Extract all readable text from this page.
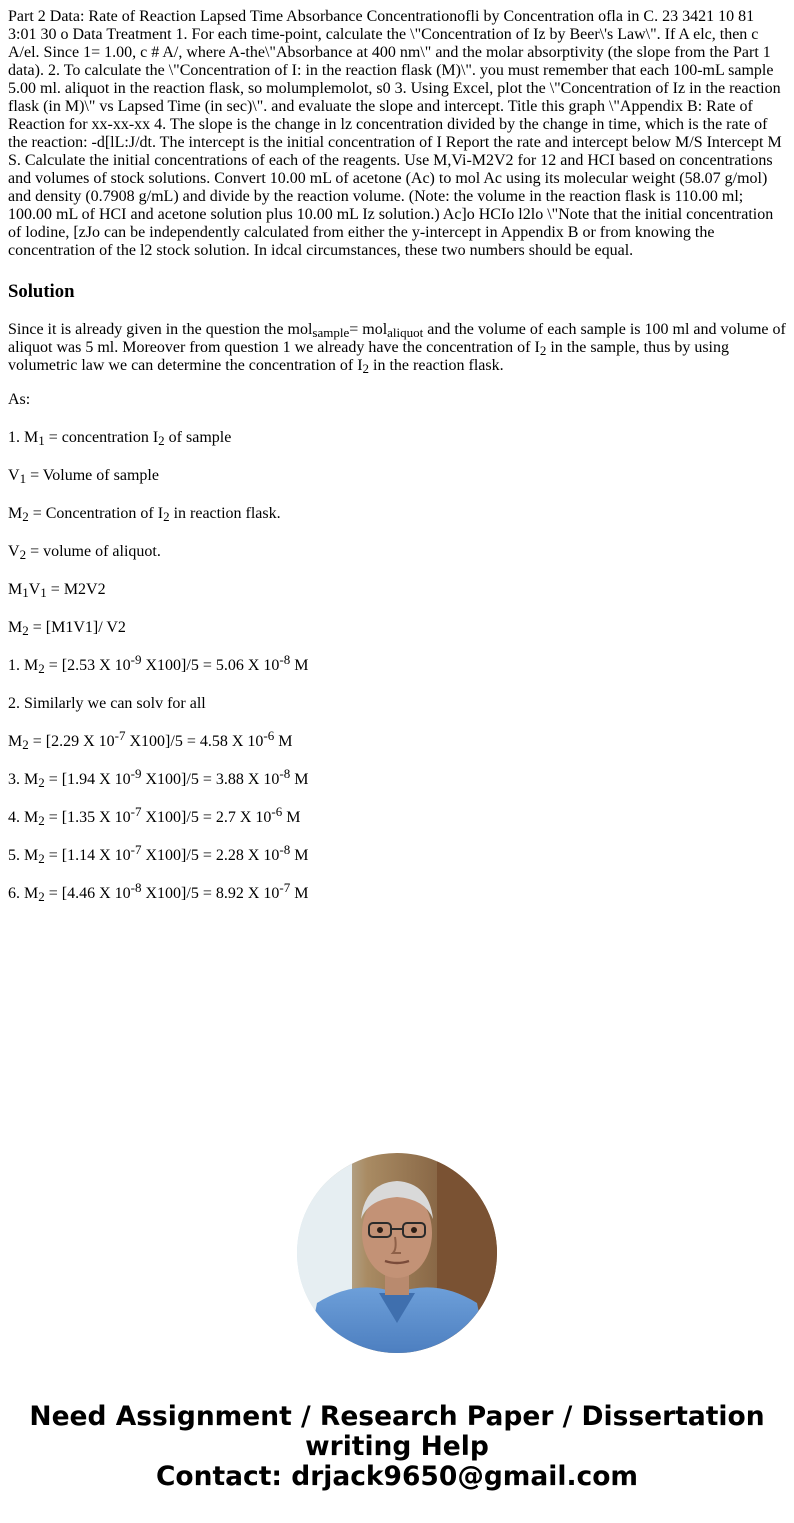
Part 2 Data: Rate of Reaction Lapsed Time Absorbance Concentrationofli by Concentration ofla in C. 23 3421 10 81 3:01 30 o Data Treatment 1. For each time-point, calculate the \"Concentration of Iz by Beer\'s Law\". If A elc, then c A/el. Since 1= 1.00, c # A/, where A-the\"Absorbance at 400 nm\" and the molar absorptivity (the slope from the Part 1 data). 2. To calculate the \"Concentration of I: in the reaction flask (M)\". you must remember that each 100-mL sample 5.00 ml. aliquot in the reaction flask, so molumplemolot, s0 3. Using Excel, plot the \"Concentration of Iz in the reaction flask (in M)\" vs Lapsed Time (in sec)\". and evaluate the slope and intercept. Title this graph \"Appendix B: Rate of Reaction for xx-xx-xx 4. The slope is the change in lz concentration divided by the change in time, which is the rate of the reaction: -d[lL:J/dt. The intercept is the initial concentration of I Report the rate and intercept below M/S Intercept M S. Calculate the initial concentrations of each of the reagents. Use M,Vi-M2V2 for 12 and HCI based on concentrations and volumes of stock solutions. Convert 10.00 mL of acetone (Ac) to mol Ac using its molecular weight (58.07 g/mol) and density (0.7908 g/mL) and divide by the reaction volume. (Note: the volume in the reaction flask is 110.00 ml; 100.00 mL of HCI and acetone solution plus 10.00 mL Iz solution.) Ac]o HCIo l2lo \"Note that the initial concentration of lodine, [zJo can be independently calculated from either the y-intercept in Appendix B or from knowing the concentration of the l2 stock solution. In idcal circumstances, these two numbers should be equal.
Solution

Since it is already given in the question the mol$_{sample}$= mol$_{aliquot}$ and the volume of each sample is 100 ml and volume of aliquot was 5 ml. Moreover from question 1 we already have the concentration of $I_2$ in the sample, thus by using volumetric law we can determine the concentration of $I_2$ in the reaction flask.

As:

1. $M_1$ = concentration $I_2$ of sample

$V_1$ = Volume of sample

$M_2$ = Concentration of $I_2$ in reaction flask.

$V_2$ = volume of aliquot.

$M_1V_1 = M2V2$

$M_2 = [M1V1]/$ V2

1. $M_2 = [2.53$ X $10^{-9}$ X100]/5 = 5.06 X $10^{-8}$ M

2. Similarly we can solv for all

$M_2 = [2.29$ X $10^{-7}$ X100]/5 = 4.58 X $10^{-6}$ M

3. $M_2 = [1.94$ X $10^{-9}$ X100]/5 = 3.88 X $10^{-8}$ M

4. $M_2 = [1.35$ X $10^{-7}$ X100]/5 = 2.7 X $10^{-6}$ M

5. $M_2 = [1.14$ X $10^{-7}$ X100]/5 = 2.28 X $10^{-8}$ M

6. $M_2 = [4.46$ X $10^{-8}$ X100]/5 = 8.92 X $10^{-7}$ M

Need Assignment / Research Paper / Dissertation
writing Help
Contact: drjack9650@gmail.com
